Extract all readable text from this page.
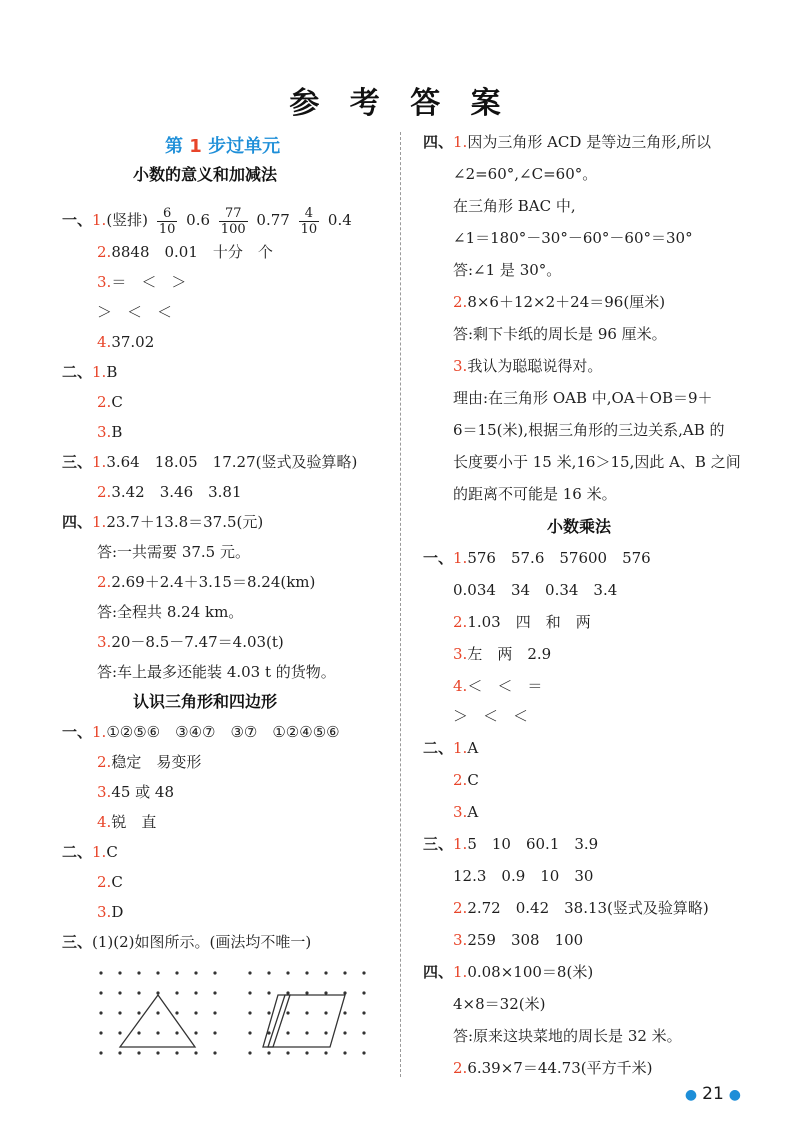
参 考 答 案
第 1 步过单元
小数的意义和加减法
一、1.(竖排) $\frac{6}{10} 0.6 \frac{77}{100} 0.77 \frac{4}{10} 0.4$
2.8848　0.01　十分　个
3.＝　＜　＞
＞　＜　＜
4.37.02
二、1.B
2.C
3.B
三、1.3.64　18.05　17.27(竖式及验算略)
2.3.42　3.46　3.81
四、1.23.7＋13.8＝37.5(元)
答:一共需要 37.5 元。
2.2.69＋2.4＋3.15＝8.24(km)
答:全程共 8.24 km。
3.20－8.5－7.47＝4.03(t)
答:车上最多还能装 4.03 t 的货物。
认识三角形和四边形
一、1.①②⑤⑥　③④⑦　③⑦　①②④⑤⑥
2.稳定　易变形
3.45 或 48
4.锐　直
二、1.C
2.C
3.D
三、(1)(2)如图所示。(画法均不唯一)
四、1.因为三角形 ACD 是等边三角形,所以
∠2=60°,∠C=60°。
在三角形 BAC 中,
∠1＝180°－30°－60°－60°＝30°
答:∠1 是 30°。
2.8×6＋12×2＋24＝96(厘米)
答:剩下卡纸的周长是 96 厘米。
3.我认为聪聪说得对。
理由:在三角形 OAB 中,OA＋OB＝9＋
6＝15(米),根据三角形的三边关系,AB 的
长度要小于 15 米,16＞15,因此 A、B 之间
的距离不可能是 16 米。
小数乘法
一、1.576　57.6　57600　576
0.034　34　0.34　3.4
2.1.03　四　和　两
3.左　两　2.9
4.＜　＜　＝
＞　＜　＜
二、1.A
2.C
3.A
三、1.5　10　60.1　3.9
12.3　0.9　10　30
2.2.72　0.42　38.13(竖式及验算略)
3.259　308　100
四、1.0.08×100＝8(米)
4×8＝32(米)
答:原来这块菜地的周长是 32 米。
2.6.39×7＝44.73(平方千米)
● 21 ●
